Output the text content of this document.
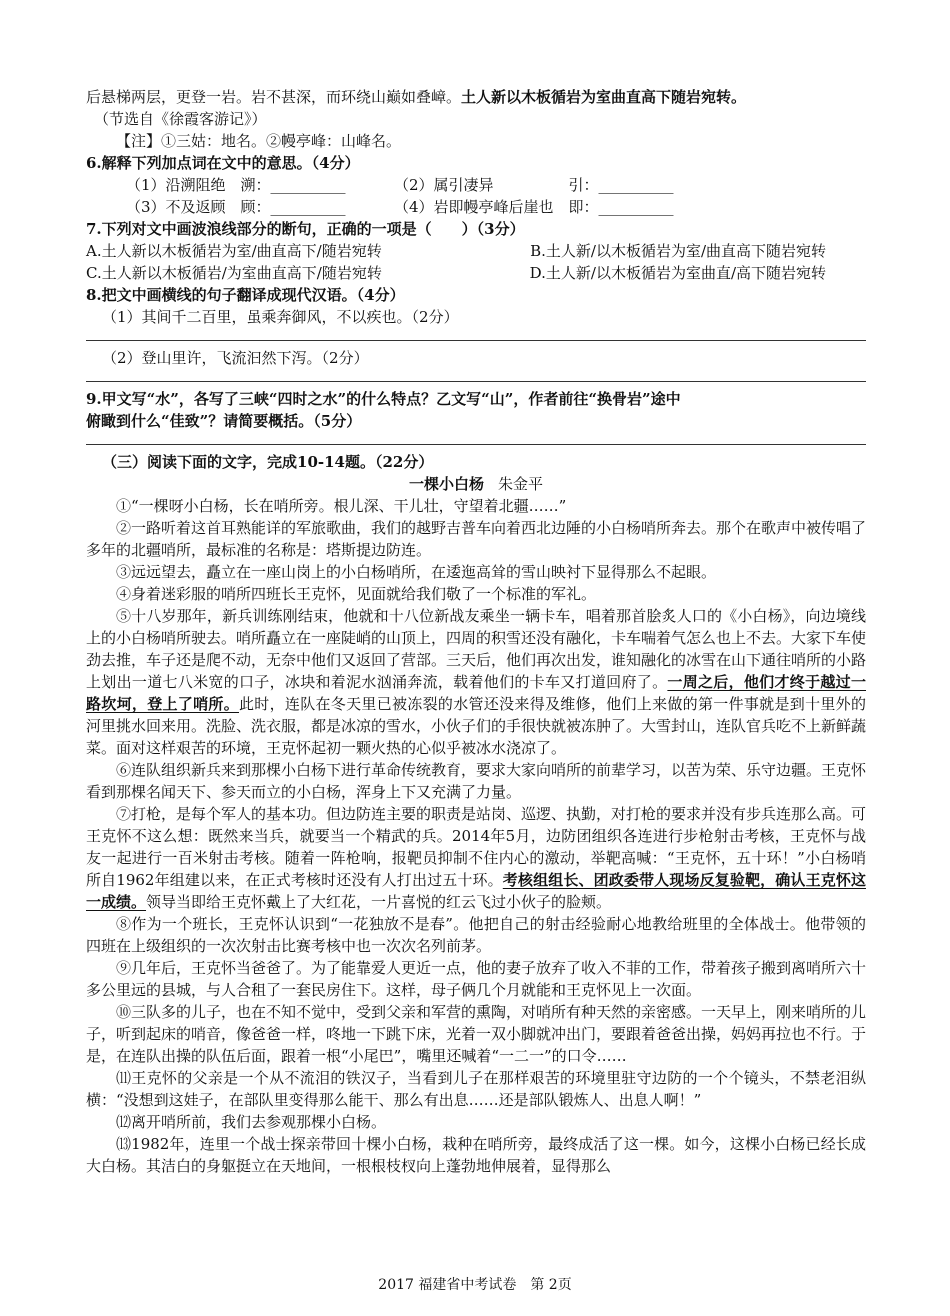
后悬梯两层，更登一岩。岩不甚深，而环绕山巅如叠嶂。土人新以木板循岩为室曲直高下随岩宛转。

（节选自《徐霞客游记》）

【注】①三姑：地名。②幔亭峰：山峰名。

6.解释下列加点词在文中的意思。（4分）

（1）沿溯阻绝　溯：__________	（2）属引凄异　　　　　引：__________
（3）不及返顾　顾：__________	（4）岩即幔亭峰后崖也　即：__________

7.下列对文中画波浪线部分的断句，正确的一项是（　　）（3分）

A.土人新以木板循岩为室/曲直高下/随岩宛转	B.土人新/以木板循岩为室/曲直高下随岩宛转
C.土人新以木板循岩/为室曲直高下/随岩宛转	D.土人新/以木板循岩为室曲直/高下随岩宛转

8.把文中画横线的句子翻译成现代汉语。（4分）

（1）其间千二百里，虽乘奔御风，不以疾也。（2分）

（2）登山里许，飞流汩然下泻。（2分）

9.甲文写“水”，各写了三峡“四时之水”的什么特点？乙文写“山”，作者前往“换骨岩”途中

俯瞰到什么“佳致”？请简要概括。（5分）

（三）阅读下面的文字，完成10-14题。（22分）

一棵小白杨 朱金平

①“一棵呀小白杨，长在哨所旁。根儿深、干儿壮，守望着北疆……”

②一路听着这首耳熟能详的军旅歌曲，我们的越野吉普车向着西北边陲的小白杨哨所奔去。那个在歌声中被传唱了多年的北疆哨所，最标准的名称是：塔斯提边防连。

③远远望去，矗立在一座山岗上的小白杨哨所，在逶迤高耸的雪山映衬下显得那么不起眼。

④身着迷彩服的哨所四班长王克怀，见面就给我们敬了一个标准的军礼。

⑤十八岁那年，新兵训练刚结束，他就和十八位新战友乘坐一辆卡车，唱着那首脍炙人口的《小白杨》，向边境线上的小白杨哨所驶去。哨所矗立在一座陡峭的山顶上，四周的积雪还没有融化，卡车喘着气怎么也上不去。大家下车使劲去推，车子还是爬不动，无奈中他们又返回了营部。三天后，他们再次出发，谁知融化的冰雪在山下通往哨所的小路上划出一道七八米宽的口子，冰块和着泥水汹涌奔流，载着他们的卡车又打道回府了。一周之后，他们才终于越过一路坎坷，登上了哨所。此时，连队在冬天里已被冻裂的水管还没来得及维修，他们上来做的第一件事就是到十里外的河里挑水回来用。洗脸、洗衣服，都是冰凉的雪水，小伙子们的手很快就被冻肿了。大雪封山，连队官兵吃不上新鲜蔬菜。面对这样艰苦的环境，王克怀起初一颗火热的心似乎被冰水浇凉了。

⑥连队组织新兵来到那棵小白杨下进行革命传统教育，要求大家向哨所的前辈学习，以苦为荣、乐守边疆。王克怀看到那棵名闻天下、参天而立的小白杨，浑身上下又充满了力量。

⑦打枪，是每个军人的基本功。但边防连主要的职责是站岗、巡逻、执勤，对打枪的要求并没有步兵连那么高。可王克怀不这么想：既然来当兵，就要当一个精武的兵。2014年5月，边防团组织各连进行步枪射击考核，王克怀与战友一起进行一百米射击考核。随着一阵枪响，报靶员抑制不住内心的激动，举靶高喊：“王克怀，五十环！”小白杨哨所自1962年组建以来，在正式考核时还没有人打出过五十环。考核组组长、团政委带人现场反复验靶，确认王克怀这一成绩。领导当即给王克怀戴上了大红花，一片喜悦的红云飞过小伙子的脸颊。

⑧作为一个班长，王克怀认识到“一花独放不是春”。他把自己的射击经验耐心地教给班里的全体战士。他带领的四班在上级组织的一次次射击比赛考核中也一次次名列前茅。

⑨几年后，王克怀当爸爸了。为了能靠爱人更近一点，他的妻子放弃了收入不菲的工作，带着孩子搬到离哨所六十多公里远的县城，与人合租了一套民房住下。这样，母子俩几个月就能和王克怀见上一次面。

⑩三队多的儿子，也在不知不觉中，受到父亲和军营的熏陶，对哨所有种天然的亲密感。一天早上，刚来哨所的儿子，听到起床的哨音，像爸爸一样，咚地一下跳下床，光着一双小脚就冲出门，要跟着爸爸出操，妈妈再拉也不行。于是，在连队出操的队伍后面，跟着一根“小尾巴”，嘴里还喊着“一二一”的口令……

⑾王克怀的父亲是一个从不流泪的铁汉子，当看到儿子在那样艰苦的环境里驻守边防的一个个镜头，不禁老泪纵横：“没想到这娃子，在部队里变得那么能干、那么有出息……还是部队锻炼人、出息人啊！”

⑿离开哨所前，我们去参观那棵小白杨。

⒀1982年，连里一个战士探亲带回十棵小白杨，栽种在哨所旁，最终成活了这一棵。如今，这棵小白杨已经长成大白杨。其洁白的身躯挺立在天地间，一根根枝杈向上蓬勃地伸展着，显得那么

2017 福建省中考试卷　第 2页
